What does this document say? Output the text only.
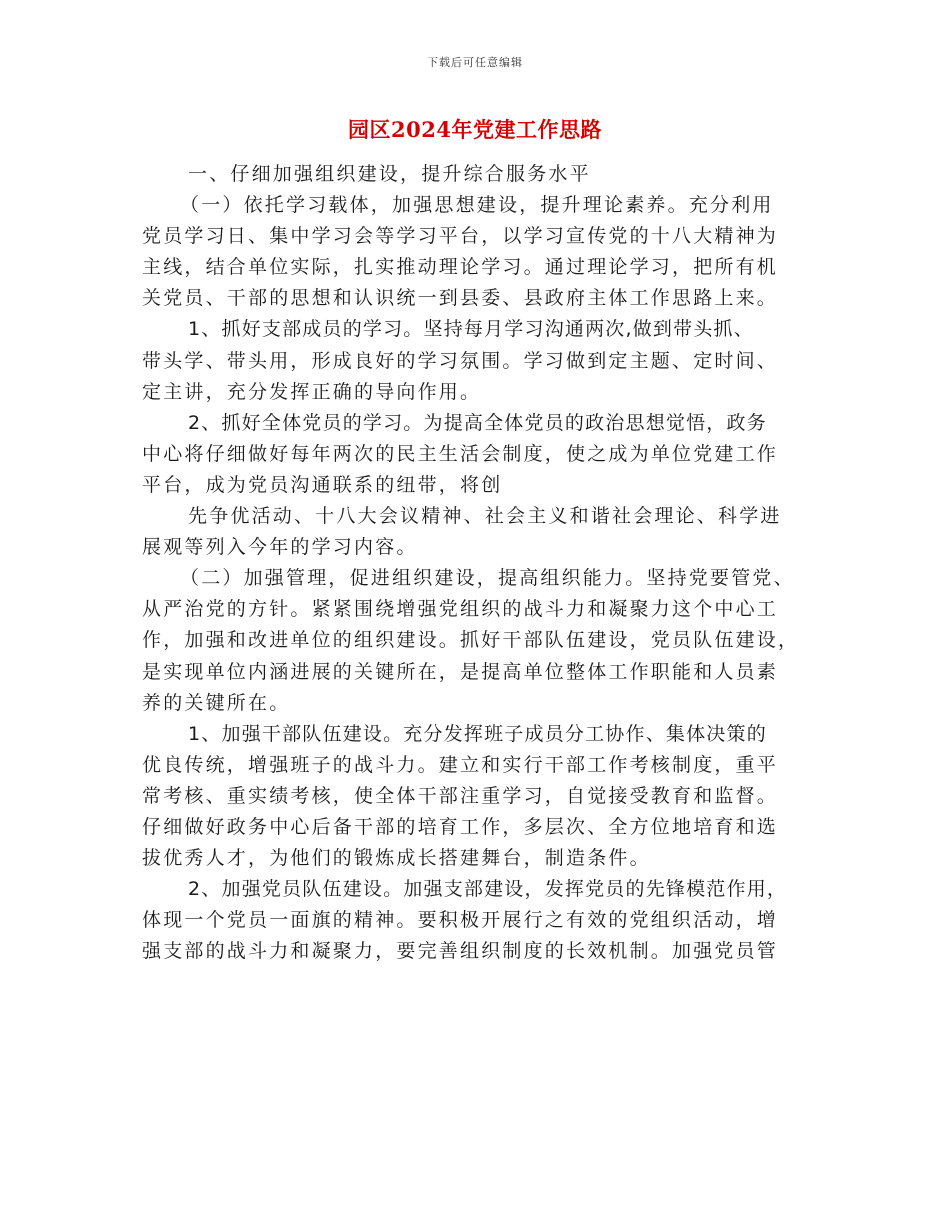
下载后可任意编辑
园区2024年党建工作思路
一、仔细加强组织建设，提升综合服务水平
（一）依托学习载体，加强思想建设，提升理论素养。充分利用
党员学习日、集中学习会等学习平台，以学习宣传党的十八大精神为
主线，结合单位实际，扎实推动理论学习。通过理论学习，把所有机
关党员、干部的思想和认识统一到县委、县政府主体工作思路上来。
1、抓好支部成员的学习。坚持每月学习沟通两次,做到带头抓、
带头学、带头用，形成良好的学习氛围。学习做到定主题、定时间、
定主讲，充分发挥正确的导向作用。
2、抓好全体党员的学习。为提高全体党员的政治思想觉悟，政务
中心将仔细做好每年两次的民主生活会制度，使之成为单位党建工作
平台，成为党员沟通联系的纽带，将创
先争优活动、十八大会议精神、社会主义和谐社会理论、科学进
展观等列入今年的学习内容。
（二）加强管理，促进组织建设，提高组织能力。坚持党要管党、
从严治党的方针。紧紧围绕增强党组织的战斗力和凝聚力这个中心工
作，加强和改进单位的组织建设。抓好干部队伍建设，党员队伍建设，
是实现单位内涵进展的关键所在，是提高单位整体工作职能和人员素
养的关键所在。
1、加强干部队伍建设。充分发挥班子成员分工协作、集体决策的
优良传统，增强班子的战斗力。建立和实行干部工作考核制度，重平
常考核、重实绩考核，使全体干部注重学习，自觉接受教育和监督。
仔细做好政务中心后备干部的培育工作，多层次、全方位地培育和选
拔优秀人才，为他们的锻炼成长搭建舞台，制造条件。
2、加强党员队伍建设。加强支部建设，发挥党员的先锋模范作用，
体现一个党员一面旗的精神。要积极开展行之有效的党组织活动，增
强支部的战斗力和凝聚力，要完善组织制度的长效机制。加强党员管
